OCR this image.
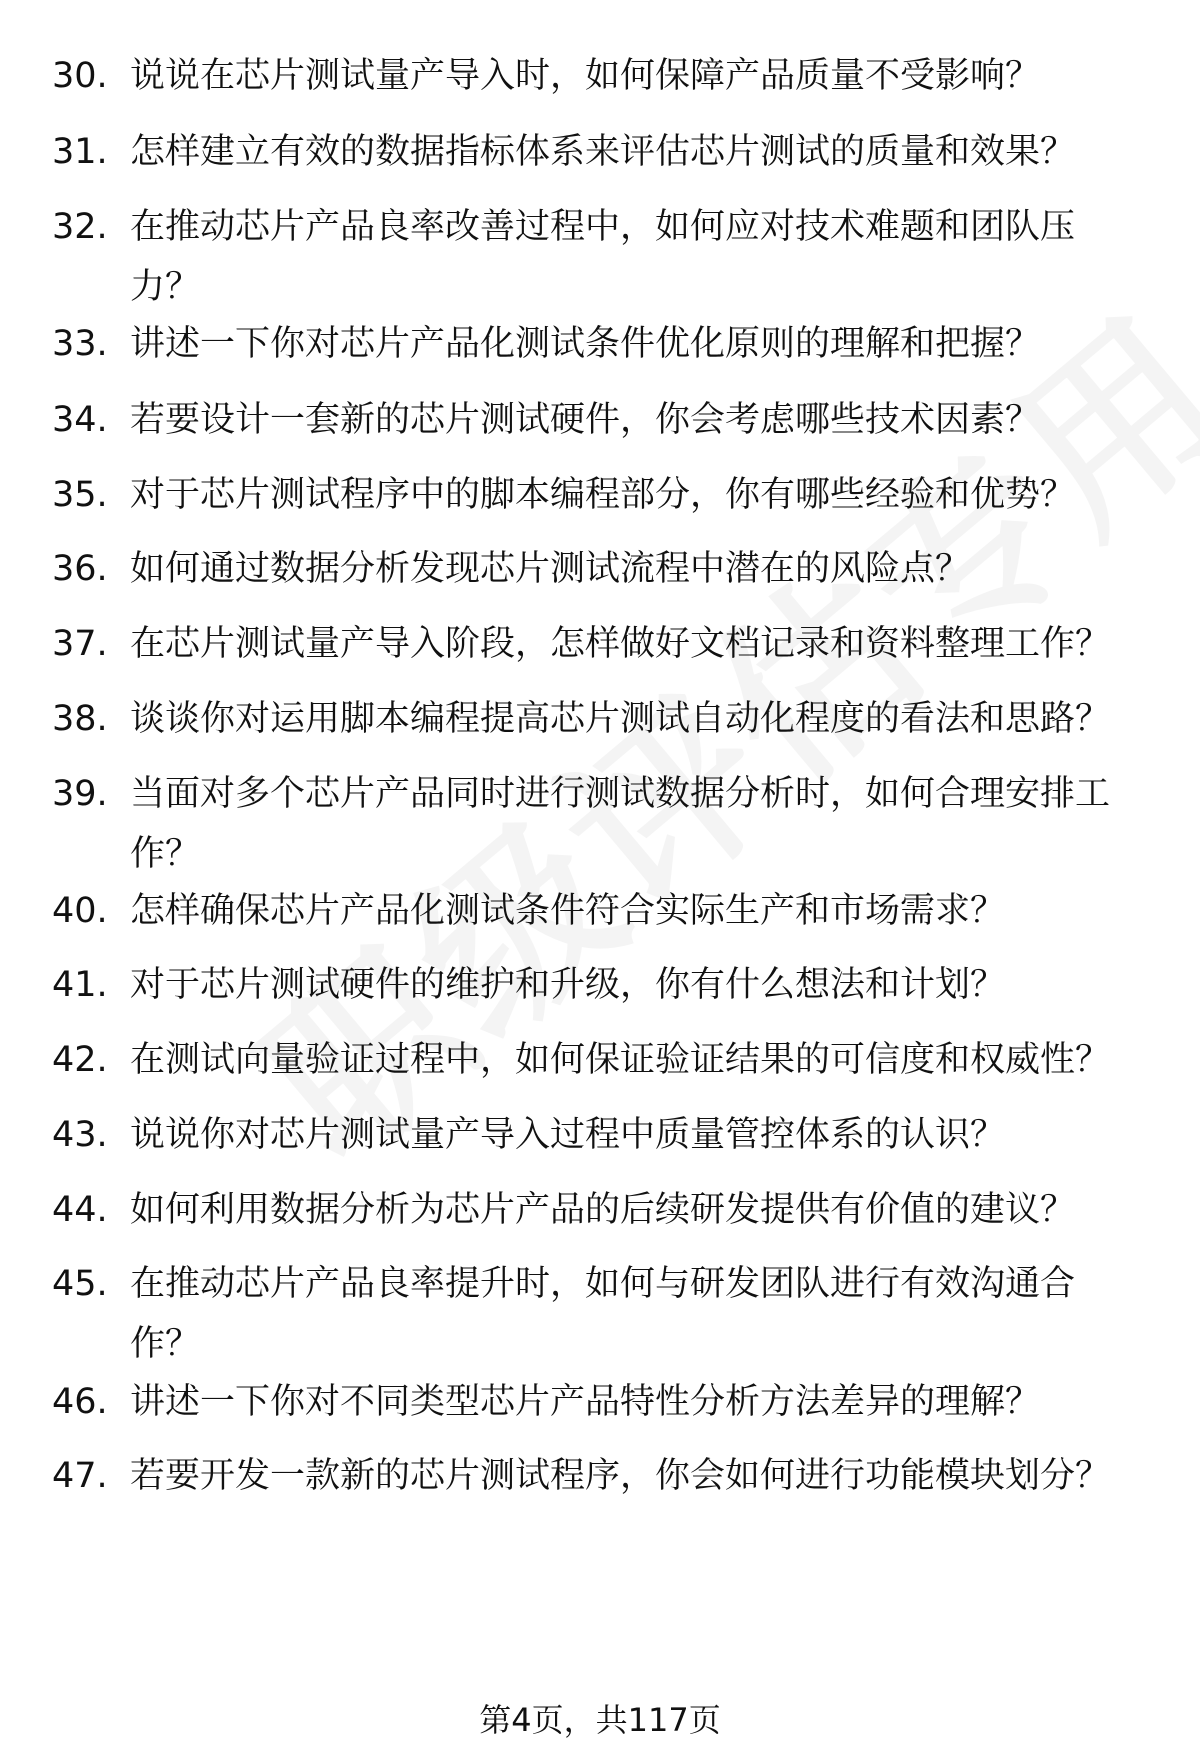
30. 说说在芯片测试量产导入时，如何保障产品质量不受影响？
31. 怎样建立有效的数据指标体系来评估芯片测试的质量和效果？
32. 在推动芯片产品良率改善过程中，如何应对技术难题和团队压
力？
33. 讲述一下你对芯片产品化测试条件优化原则的理解和把握？
34. 若要设计一套新的芯片测试硬件，你会考虑哪些技术因素？
35. 对于芯片测试程序中的脚本编程部分，你有哪些经验和优势？
36. 如何通过数据分析发现芯片测试流程中潜在的风险点？
37. 在芯片测试量产导入阶段，怎样做好文档记录和资料整理工作？
38. 谈谈你对运用脚本编程提高芯片测试自动化程度的看法和思路？
39. 当面对多个芯片产品同时进行测试数据分析时，如何合理安排工
作？
40. 怎样确保芯片产品化测试条件符合实际生产和市场需求？
41. 对于芯片测试硬件的维护和升级，你有什么想法和计划？
42. 在测试向量验证过程中，如何保证验证结果的可信度和权威性？
43. 说说你对芯片测试量产导入过程中质量管控体系的认识？
44. 如何利用数据分析为芯片产品的后续研发提供有价值的建议？
45. 在推动芯片产品良率提升时，如何与研发团队进行有效沟通合
作？
46. 讲述一下你对不同类型芯片产品特性分析方法差异的理解？
47. 若要开发一款新的芯片测试程序，你会如何进行功能模块划分？
第4页，共117页
